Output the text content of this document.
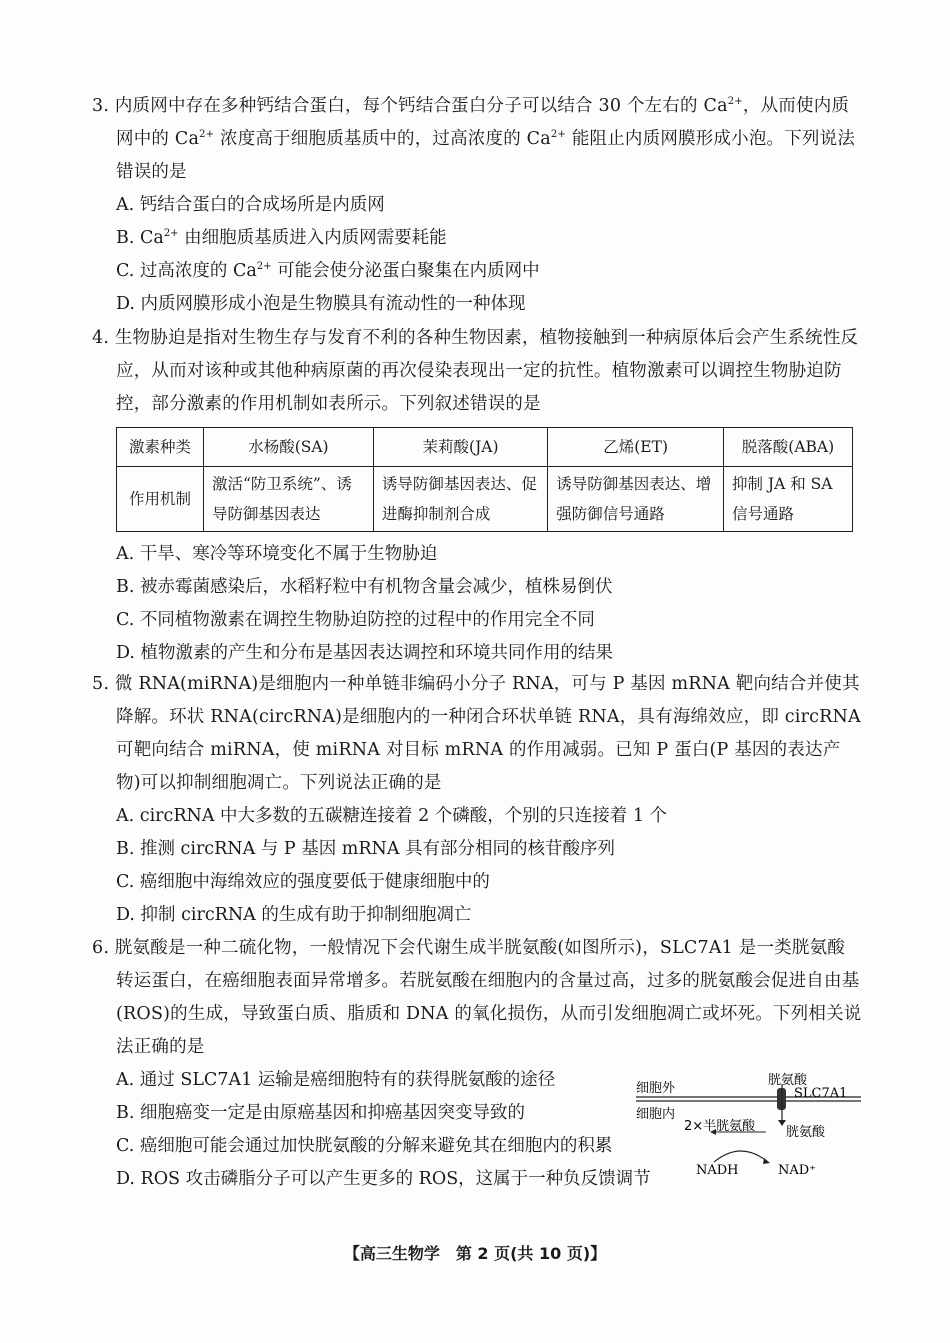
3. 内质网中存在多种钙结合蛋白，每个钙结合蛋白分子可以结合 30 个左右的 $Ca^{2+}$，从而使内质网中的 $Ca^{2+}$ 浓度高于细胞质基质中的，过高浓度的 $Ca^{2+}$ 能阻止内质网膜形成小泡。下列说法错误的是
A. 钙结合蛋白的合成场所是内质网
B. $Ca^{2+}$ 由细胞质基质进入内质网需要耗能
C. 过高浓度的 $Ca^{2+}$ 可能会使分泌蛋白聚集在内质网中
D. 内质网膜形成小泡是生物膜具有流动性的一种体现
4. 生物胁迫是指对生物生存与发育不利的各种生物因素，植物接触到一种病原体后会产生系统性反应，从而对该种或其他种病原菌的再次侵染表现出一定的抗性。植物激素可以调控生物胁迫防控，部分激素的作用机制如表所示。下列叙述错误的是
激素种类	水杨酸(SA)	茉莉酸(JA)	乙烯(ET)	脱落酸(ABA)
作用机制	激活“防卫系统”、诱导防御基因表达	诱导防御基因表达、促进酶抑制剂合成	诱导防御基因表达、增强防御信号通路	抑制 JA 和 SA 信号通路
A. 干旱、寒冷等环境变化不属于生物胁迫
B. 被赤霉菌感染后，水稻籽粒中有机物含量会减少，植株易倒伏
C. 不同植物激素在调控生物胁迫防控的过程中的作用完全不同
D. 植物激素的产生和分布是基因表达调控和环境共同作用的结果
5. 微 RNA(miRNA)是细胞内一种单链非编码小分子 RNA，可与 P 基因 mRNA 靶向结合并使其降解。环状 RNA(circRNA)是细胞内的一种闭合环状单链 RNA，具有海绵效应，即 circRNA 可靶向结合 miRNA，使 miRNA 对目标 mRNA 的作用减弱。已知 P 蛋白(P 基因的表达产物)可以抑制细胞凋亡。下列说法正确的是
A. circRNA 中大多数的五碳糖连接着 2 个磷酸，个别的只连接着 1 个
B. 推测 circRNA 与 P 基因 mRNA 具有部分相同的核苷酸序列
C. 癌细胞中海绵效应的强度要低于健康细胞中的
D. 抑制 circRNA 的生成有助于抑制细胞凋亡
6. 胱氨酸是一种二硫化物，一般情况下会代谢生成半胱氨酸(如图所示)，SLC7A1 是一类胱氨酸转运蛋白，在癌细胞表面异常增多。若胱氨酸在细胞内的含量过高，过多的胱氨酸会促进自由基(ROS)的生成，导致蛋白质、脂质和 DNA 的氧化损伤，从而引发细胞凋亡或坏死。下列相关说法正确的是
A. 通过 SLC7A1 运输是癌细胞特有的获得胱氨酸的途径
B. 细胞癌变一定是由原癌基因和抑癌基因突变导致的
C. 癌细胞可能会通过加快胱氨酸的分解来避免其在细胞内的积累
D. ROS 攻击磷脂分子可以产生更多的 ROS，这属于一种负反馈调节
细胞外
细胞内
胱氨酸
SLC7A1
2×半胱氨酸 胱氨酸
NADH	NAD⁺
【高三生物学　第 2 页(共 10 页)】
